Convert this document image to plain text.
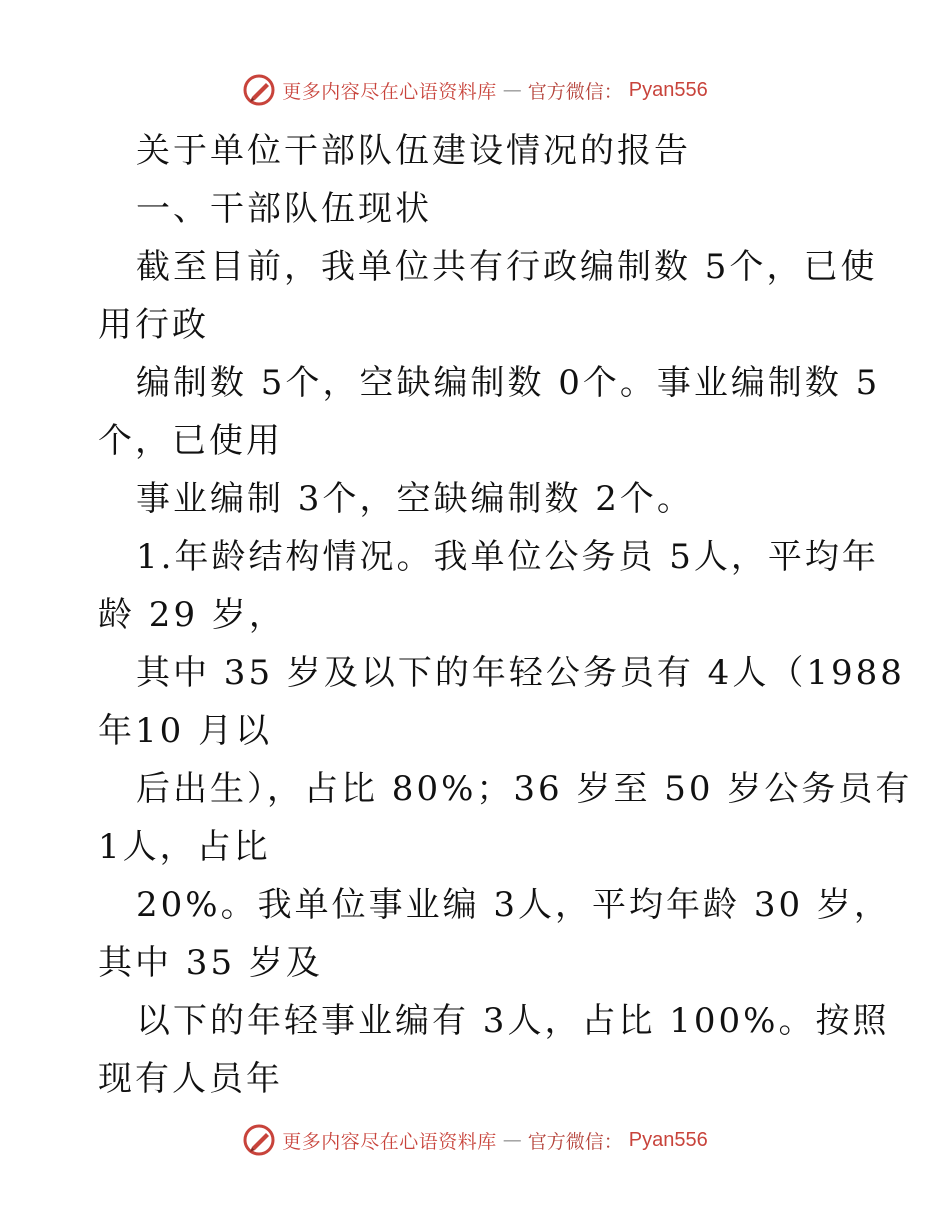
更多内容尽在心语资料库 — 官方微信： Pyan556
关于单位干部队伍建设情况的报告
一、干部队伍现状
截至目前，我单位共有行政编制数 5个，已使
用行政
编制数 5个，空缺编制数 0个。事业编制数 5
个，已使用
事业编制 3个，空缺编制数 2个。
1.年龄结构情况。我单位公务员 5人，平均年
龄 29 岁，
其中 35 岁及以下的年轻公务员有 4人（1988
年10 月以
后出生），占比 80%；36 岁至 50 岁公务员有
1人，占比
20%。我单位事业编 3人，平均年龄 30 岁，
其中 35 岁及
以下的年轻事业编有 3人，占比 100%。按照
现有人员年
更多内容尽在心语资料库 — 官方微信： Pyan556
